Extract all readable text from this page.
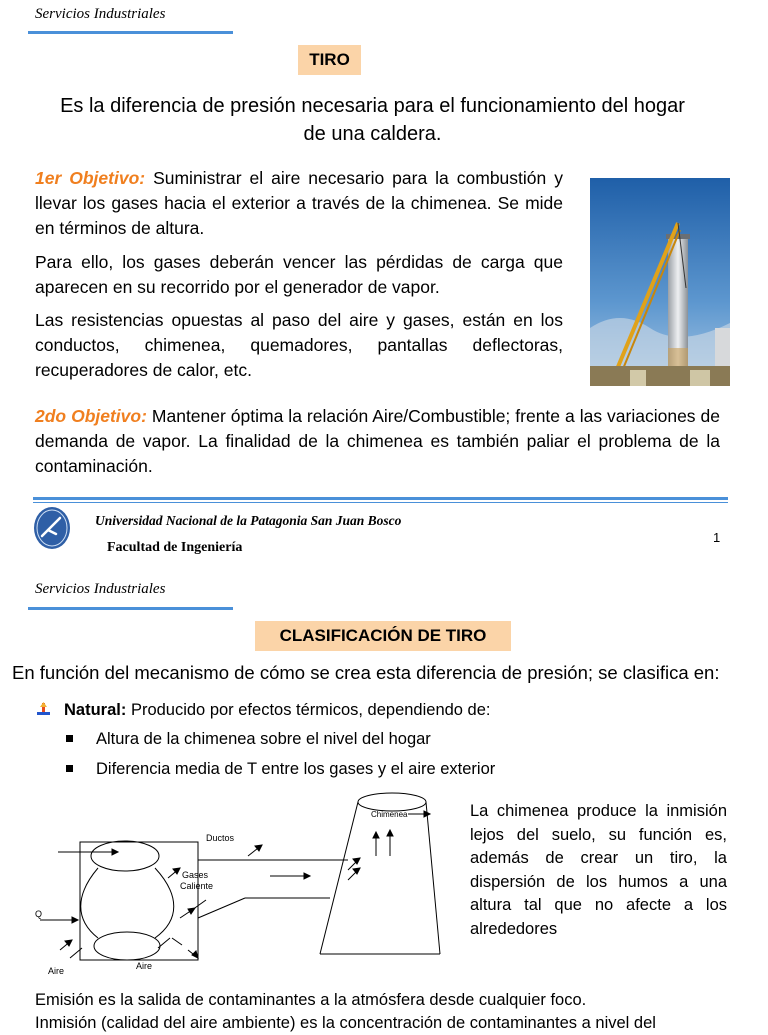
Servicios Industriales
TIRO
Es la diferencia de presión necesaria para el funcionamiento del hogar de una caldera.
1er Objetivo: Suministrar el aire necesario para la combustión y llevar los gases hacia el exterior a través de la chimenea. Se mide en términos de altura.
Para ello, los gases deberán vencer las pérdidas de carga que aparecen en su recorrido por el generador de vapor.
Las resistencias opuestas al paso del aire y gases, están en los conductos, chimenea, quemadores, pantallas deflectoras, recuperadores de calor, etc.
2do Objetivo: Mantener óptima la relación Aire/Combustible; frente a las variaciones de demanda de vapor. La finalidad de la chimenea es también paliar el problema de la contaminación.
Universidad Nacional de la Patagonia San Juan Bosco
Facultad de Ingeniería
1
Servicios Industriales
CLASIFICACIÓN DE TIRO
En función del mecanismo de cómo se crea esta diferencia de presión; se clasifica en:
Natural: Producido por efectos térmicos, dependiendo de:
Altura de la chimenea sobre el nivel del hogar
Diferencia media de T entre los gases y el aire exterior
Chimenea
Ductos
Gases
Caliente
Q
Aire	Aire
La chimenea produce la inmisión lejos del suelo, su función es, además de crear un tiro, la dispersión de los humos a una altura tal que no afecte a los alrededores
Emisión es la salida de contaminantes a la atmósfera desde cualquier foco.
Inmisión (calidad del aire ambiente) es la concentración de contaminantes a nivel del
